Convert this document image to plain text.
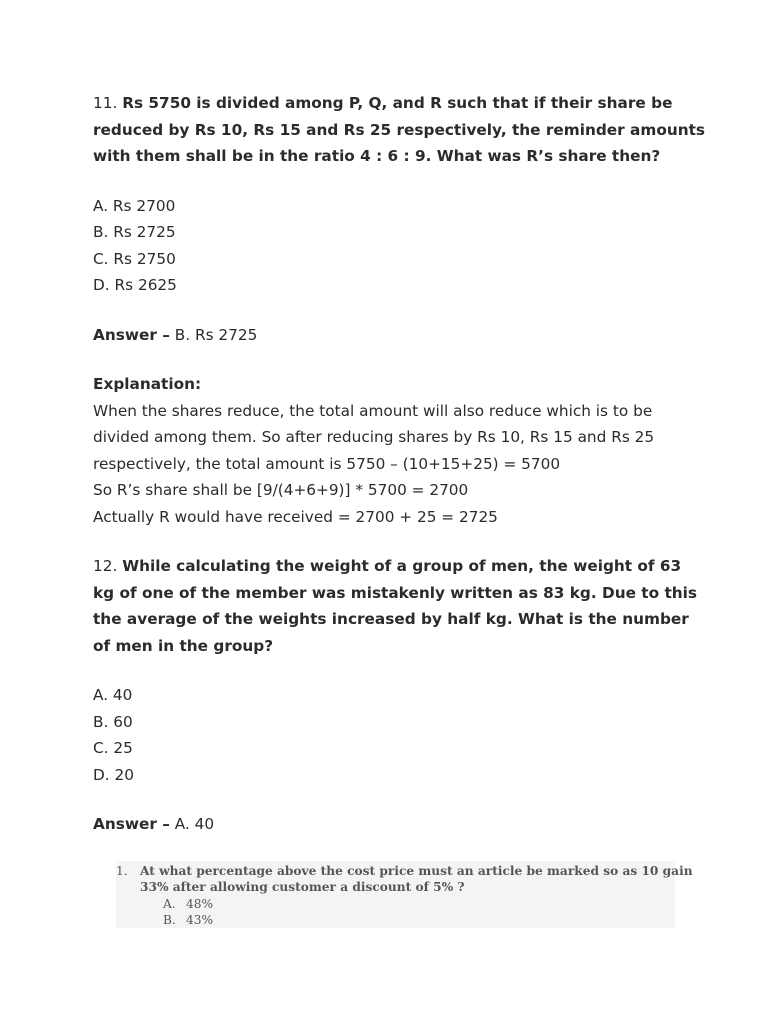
11. Rs 5750 is divided among P, Q, and R such that if their share be
reduced by Rs 10, Rs 15 and Rs 25 respectively, the reminder amounts
with them shall be in the ratio 4 : 6 : 9. What was R’s share then?
A. Rs 2700
B. Rs 2725
C. Rs 2750
D. Rs 2625
Answer – B. Rs 2725
Explanation:
When the shares reduce, the total amount will also reduce which is to be
divided among them. So after reducing shares by Rs 10, Rs 15 and Rs 25
respectively, the total amount is 5750 – (10+15+25) = 5700
So R’s share shall be [9/(4+6+9)] * 5700 = 2700
Actually R would have received = 2700 + 25 = 2725
12. While calculating the weight of a group of men, the weight of 63
kg of one of the member was mistakenly written as 83 kg. Due to this
the average of the weights increased by half kg. What is the number
of men in the group?
A. 40
B. 60
C. 25
D. 20
Answer – A. 40
1. At what percentage above the cost price must an article be marked so as 10 gain
33% after allowing customer a discount of 5% ?
A. 48%
B. 43%
